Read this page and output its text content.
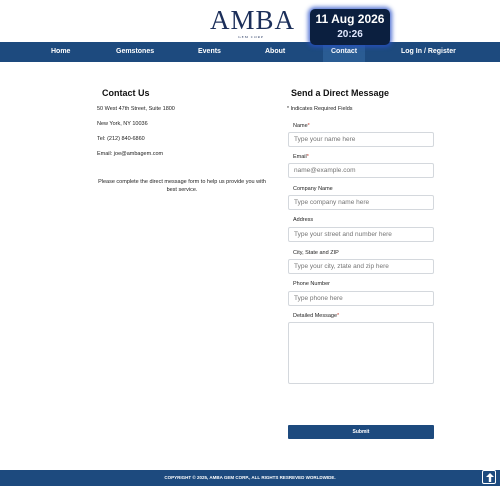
AMBA
GEM CORP
11 Aug 2026
20:26
Home	Gemstones	Events	About	Contact	Log In / Register
Contact Us
50 West 47th Street, Suite 1800
New York, NY 10036
Tel: (212) 840-6860
Email: joe@ambagem.com
Please complete the direct message form to help us provide you with best service.
Send a Direct Message
* Indicates Required Fields
Name*
Type your name here
Email*
name@example.com
Company Name
Type company name here
Address
Type your street and number here
City, State and ZIP
Type your city, ztate and zip here
Phone Number
Type phone here
Detailed Message*
Submit
COPYRIGHT © 2025, AMBA GEM CORP., ALL RIGHTS RESREVED WORLDWIDE.
